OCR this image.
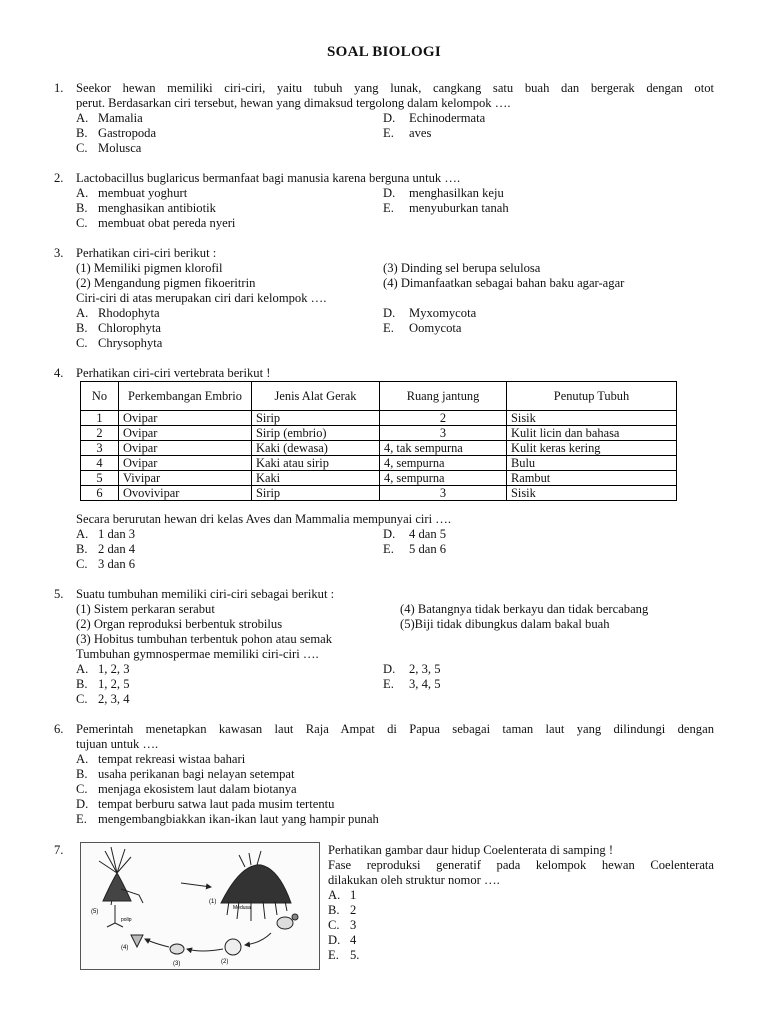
SOAL BIOLOGI
1. Seekor hewan memiliki ciri-ciri, yaitu tubuh yang lunak, cangkang satu buah dan bergerak dengan otot
perut. Berdasarkan ciri tersebut, hewan yang dimaksud tergolong dalam kelompok ….
A. Mamalia	D. Echinodermata
B. Gastropoda	E. aves
C. Molusca
2. Lactobacillus buglaricus bermanfaat bagi manusia karena berguna untuk ….
A. membuat yoghurt	D. menghasilkan keju
B. menghasikan antibiotik	E. menyuburkan tanah
C. membuat obat pereda nyeri
3. Perhatikan ciri-ciri berikut :
(1) Memiliki pigmen klorofil	(3) Dinding sel berupa selulosa
(2) Mengandung pigmen fikoeritrin	(4) Dimanfaatkan sebagai bahan baku agar-agar
Ciri-ciri di atas merupakan ciri dari kelompok ….
A. Rhodophyta	D. Myxomycota
B. Chlorophyta	E. Oomycota
C. Chrysophyta
4. Perhatikan ciri-ciri vertebrata berikut !
No	Perkembangan Embrio	Jenis Alat Gerak	Ruang jantung	Penutup Tubuh
1	Ovipar	Sirip	2	Sisik
2	Ovipar	Sirip (embrio)	3	Kulit licin dan bahasa
3	Ovipar	Kaki (dewasa)	4, tak sempurna	Kulit keras kering
4	Ovipar	Kaki atau sirip	4, sempurna	Bulu
5	Vivipar	Kaki	4, sempurna	Rambut
6	Ovovivipar	Sirip	3	Sisik
Secara berurutan hewan dri kelas Aves dan Mammalia mempunyai ciri ….
A. 1 dan 3	D. 4 dan 5
B. 2 dan 4	E. 5 dan 6
C. 3 dan 6
5. Suatu tumbuhan memiliki ciri-ciri sebagai berikut :
(1) Sistem perkaran serabut	(4) Batangnya tidak berkayu dan tidak bercabang
(2) Organ reproduksi berbentuk strobilus	(5)Biji tidak dibungkus dalam bakal buah
(3) Hobitus tumbuhan terbentuk pohon atau semak
Tumbuhan gymnospermae memiliki ciri-ciri ….
A. 1, 2, 3	D. 2, 3, 5
B. 1, 2, 5	E. 3, 4, 5
C. 2, 3, 4
6. Pemerintah menetapkan kawasan laut Raja Ampat di Papua sebagai taman laut yang dilindungi dengan
tujuan untuk ….
A. tempat rekreasi wistaa bahari
B. usaha perikanan bagi nelayan setempat
C. menjaga ekosistem laut dalam biotanya
D. tempat berburu satwa laut pada musim tertentu
E. mengembangbiakkan ikan-ikan laut yang hampir punah
7.
(5)
polip
(1)
Medusa
(2)
(3)
(4)
Perhatikan gambar daur hidup Coelenterata di samping !
Fase reproduksi generatif pada kelompok hewan Coelenterata
dilakukan oleh struktur nomor ….
A. 1
B. 2
C. 3
D. 4
E. 5.
